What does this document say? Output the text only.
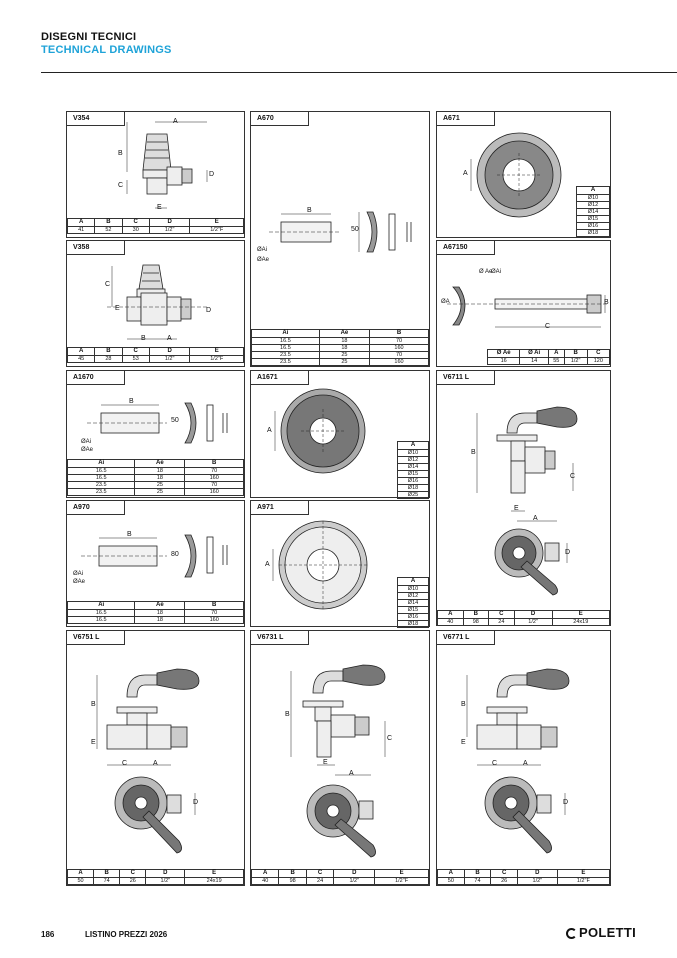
DISEGNI TECNICI
TECHNICAL DRAWINGS
V354	A
B
C
D
E
A	B	C	D	E
41	52	30	1/2"	1/2"F
A670
B
50
ØAi
ØAe
Ai	Ae	B
16.5	18	70
16.5	18	160
23.5	25	70
23.5	25	160
A671
A
A
Ø10
Ø12
Ø14
Ø15
Ø16
Ø18
V358
A
B
C
D
E
A	B	C	D	E
45	28	53	1/2"	1/2"F
A67150
ØA
Ø Ae
ØAi
B
C
Ø Ae	Ø Ai	A	B	C
16	14	55	1/2"	120
A1670
B
50
ØAi
ØAe
Ai	Ae	B
16.5	18	70
16.5	18	160
23.5	25	70
23.5	25	160
A1671
A
A
Ø10
Ø12
Ø14
Ø15
Ø16
Ø18
Ø25
V6711 L
A
B
C
D
E
A	B	C	D	E
40	98	24	1/2"	24x19
A970
B
80
ØAi
ØAe
Ai	Ae	B
16.5	18	70
16.5	18	160
A971
A
A
Ø10
Ø12
Ø14
Ø15
Ø16
Ø18
V6751 L
A
B
C
D
E
A	B	C	D	E
50	74	26	1/2"	24x19
V6731 L
A
B
C
E
A	B	C	D	E
40	98	24	1/2"	1/2"F
V6771 L
A
B
C
D
E
A	B	C	D	E
50	74	26	1/2"	1/2"F
186	LISTINO PREZZI 2026	POLETTI
